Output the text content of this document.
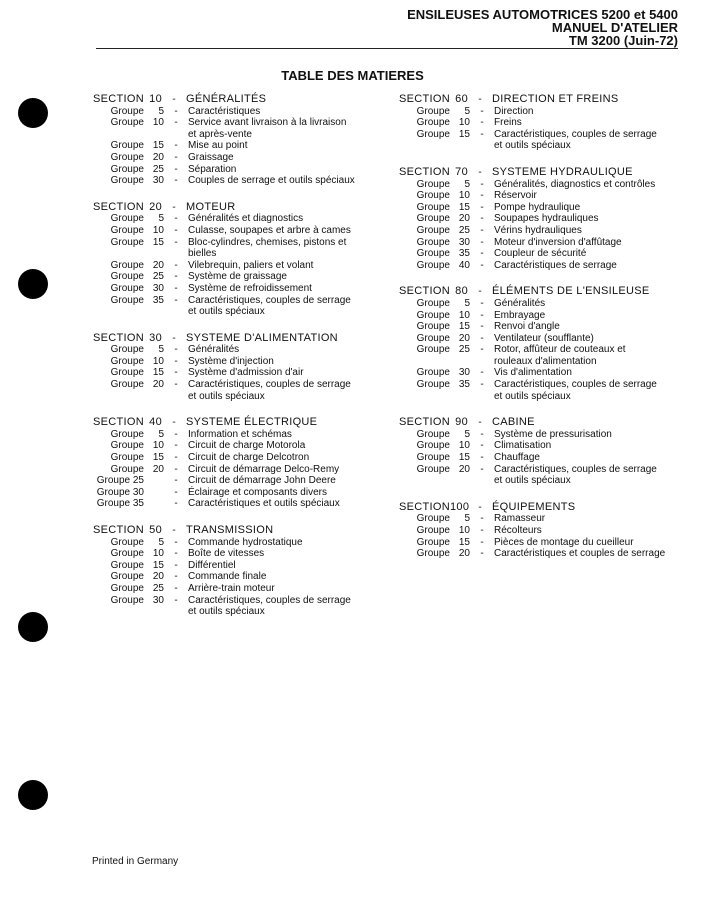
ENSILEUSES AUTOMOTRICES 5200 et 5400
MANUEL D'ATELIER
TM 3200 (Juin-72)
TABLE DES MATIERES
SECTION 10	- GÉNÉRALITÉS
Groupe	5	-	Caractéristiques
Groupe 10	-	Service avant livraison à la livraison
et après-vente
Groupe 15	-	Mise au point
Groupe 20	-	Graissage
Groupe 25	-	Séparation
Groupe 30	-	Couples de serrage et outils spéciaux
SECTION 20	- MOTEUR
Groupe	5	-	Généralités et diagnostics
Groupe 10	-	Culasse, soupapes et arbre à cames
Groupe 15	-	Bloc-cylindres, chemises, pistons et
bielles
Groupe 20	-	Vilebrequin, paliers et volant
Groupe 25	-	Système de graissage
Groupe 30	-	Système de refroidissement
Groupe 35	-	Caractéristiques, couples de serrage
et outils spéciaux
SECTION 30	- SYSTEME D'ALIMENTATION
Groupe	5	-	Généralités
Groupe 10	-	Système d'injection
Groupe 15	-	Système d'admission d'air
Groupe 20	-	Caractéristiques, couples de serrage
et outils spéciaux
SECTION 40	- SYSTEME ÉLECTRIQUE
Groupe	5	-	Information et schémas
Groupe 10	-	Circuit de charge Motorola
Groupe 15	-	Circuit de charge Delcotron
Groupe 20	-	Circuit de démarrage Delco-Remy
Groupe 25	-	Circuit de démarrage John Deere
Groupe 30	-	Éclairage et composants divers
Groupe 35	-	Caractéristiques et outils spéciaux
SECTION 50	- TRANSMISSION
Groupe	5	-	Commande hydrostatique
Groupe 10	-	Boîte de vitesses
Groupe 15	-	Différentiel
Groupe 20	-	Commande finale
Groupe 25	-	Arrière-train moteur
Groupe 30	-	Caractéristiques, couples de serrage
et outils spéciaux
SECTION 60	- DIRECTION ET FREINS
Groupe	5	-	Direction
Groupe 10	-	Freins
Groupe 15	-	Caractéristiques, couples de serrage
et outils spéciaux
SECTION 70	- SYSTEME HYDRAULIQUE
Groupe	5	-	Généralités, diagnostics et contrôles
Groupe 10	-	Réservoir
Groupe 15	-	Pompe hydraulique
Groupe 20	-	Soupapes hydrauliques
Groupe 25	-	Vérins hydrauliques
Groupe 30	-	Moteur d'inversion d'affûtage
Groupe 35	-	Coupleur de sécurité
Groupe 40	-	Caractéristiques de serrage
SECTION 80	- ÉLÉMENTS DE L'ENSILEUSE
Groupe	5	-	Généralités
Groupe 10	-	Embrayage
Groupe 15	-	Renvoi d'angle
Groupe 20	-	Ventilateur (soufflante)
Groupe 25	-	Rotor, affûteur de couteaux et
rouleaux d'alimentation
Groupe 30	-	Vis d'alimentation
Groupe 35	-	Caractéristiques, couples de serrage
et outils spéciaux
SECTION 90	- CABINE
Groupe	5	-	Système de pressurisation
Groupe 10	-	Climatisation
Groupe 15	-	Chauffage
Groupe 20	-	Caractéristiques, couples de serrage
et outils spéciaux
SECTION 100 - ÉQUIPEMENTS
Groupe	5	-	Ramasseur
Groupe 10	-	Récolteurs
Groupe 15	-	Pièces de montage du cueilleur
Groupe 20	-	Caractéristiques et couples de serrage
Printed in Germany
